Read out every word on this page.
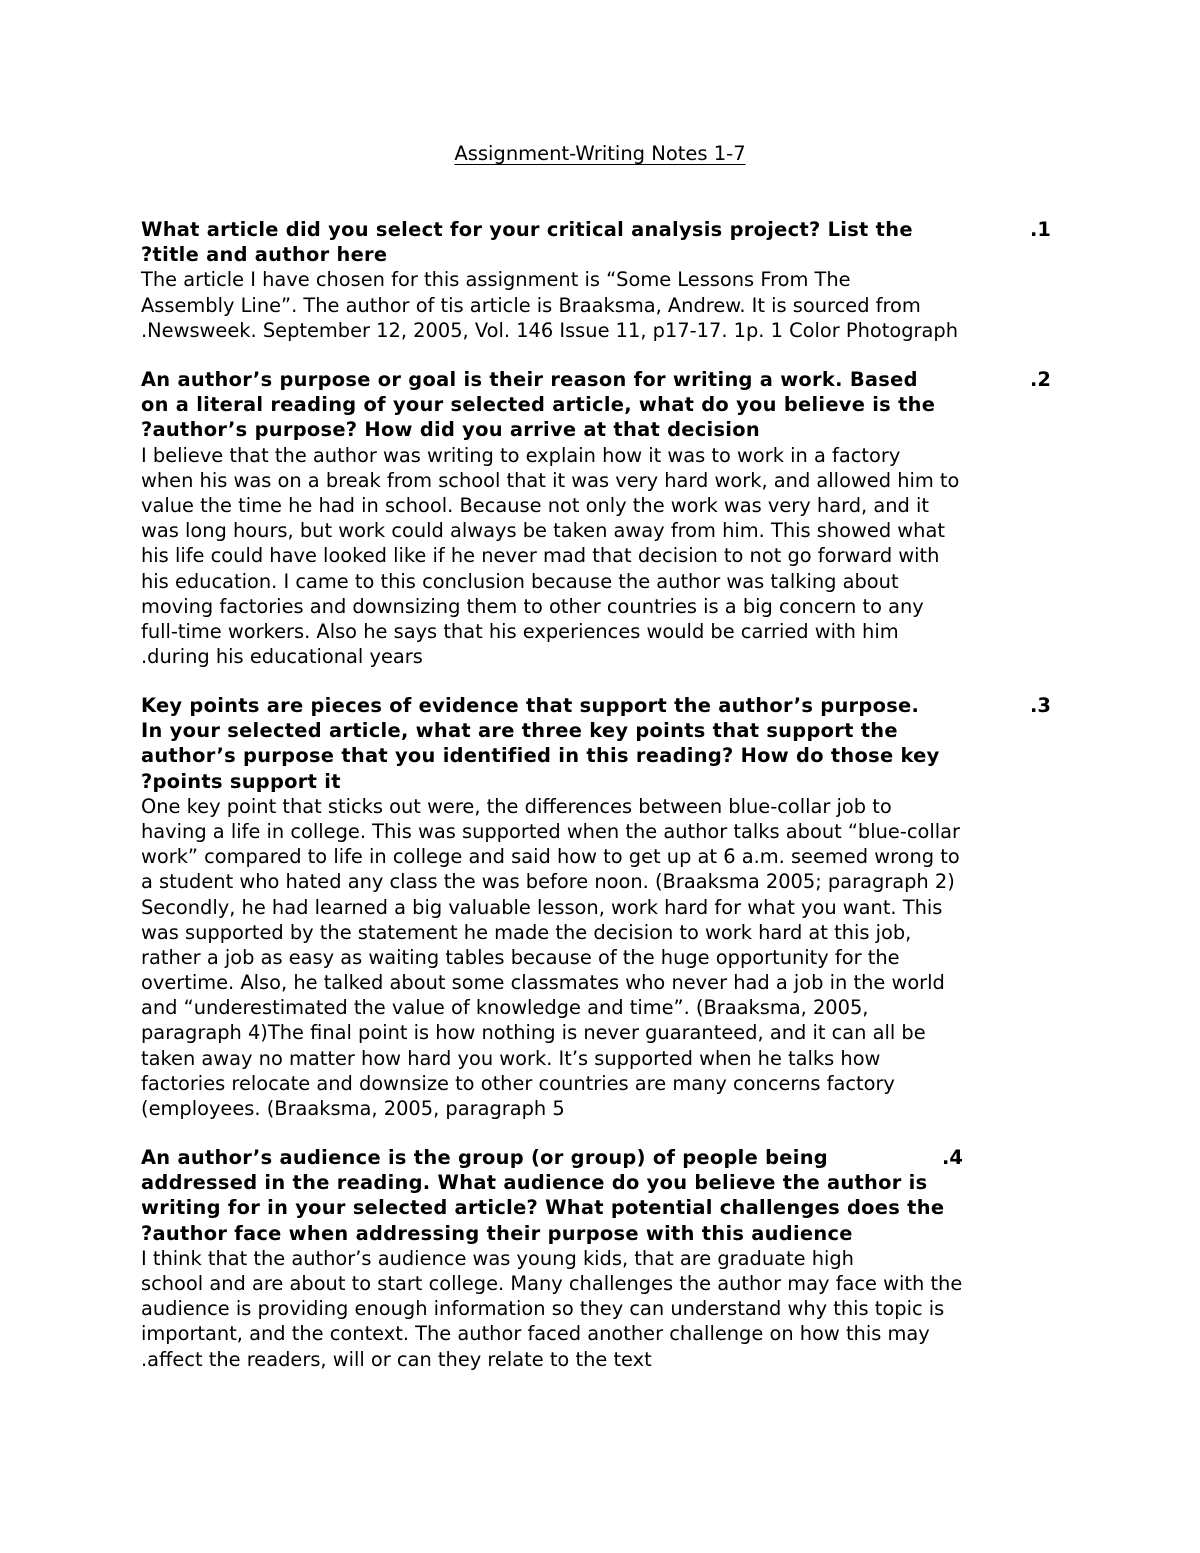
Assignment-Writing Notes 1-7
.1
What article did you select for your critical analysis project? List the
?title and author here
The article I have chosen for this assignment is “Some Lessons From The
Assembly Line”. The author of tis article is Braaksma, Andrew. It is sourced from
.Newsweek. September 12, 2005, Vol. 146 Issue 11, p17-17. 1p. 1 Color Photograph
.2
An author’s purpose or goal is their reason for writing a work. Based
on a literal reading of your selected article, what do you believe is the
?author’s purpose? How did you arrive at that decision
I believe that the author was writing to explain how it was to work in a factory
when his was on a break from school that it was very hard work, and allowed him to
value the time he had in school. Because not only the work was very hard, and it
was long hours, but work could always be taken away from him. This showed what
his life could have looked like if he never mad that decision to not go forward with
his education. I came to this conclusion because the author was talking about
moving factories and downsizing them to other countries is a big concern to any
full-time workers. Also he says that his experiences would be carried with him
.during his educational years
.3
Key points are pieces of evidence that support the author’s purpose.
In your selected article, what are three key points that support the
author’s purpose that you identified in this reading? How do those key
?points support it
One key point that sticks out were, the differences between blue-collar job to
having a life in college. This was supported when the author talks about “blue-collar
work” compared to life in college and said how to get up at 6 a.m. seemed wrong to
a student who hated any class the was before noon. (Braaksma 2005; paragraph 2)
Secondly, he had learned a big valuable lesson, work hard for what you want. This
was supported by the statement he made the decision to work hard at this job,
rather a job as easy as waiting tables because of the huge opportunity for the
overtime. Also, he talked about some classmates who never had a job in the world
and “underestimated the value of knowledge and time”. (Braaksma, 2005,
paragraph 4)The final point is how nothing is never guaranteed, and it can all be
taken away no matter how hard you work. It’s supported when he talks how
factories relocate and downsize to other countries are many concerns factory
(employees. (Braaksma, 2005, paragraph 5
.4
An author’s audience is the group (or group) of people being
addressed in the reading. What audience do you believe the author is
writing for in your selected article? What potential challenges does the
?author face when addressing their purpose with this audience
I think that the author’s audience was young kids, that are graduate high
school and are about to start college. Many challenges the author may face with the
audience is providing enough information so they can understand why this topic is
important, and the context. The author faced another challenge on how this may
.affect the readers, will or can they relate to the text
